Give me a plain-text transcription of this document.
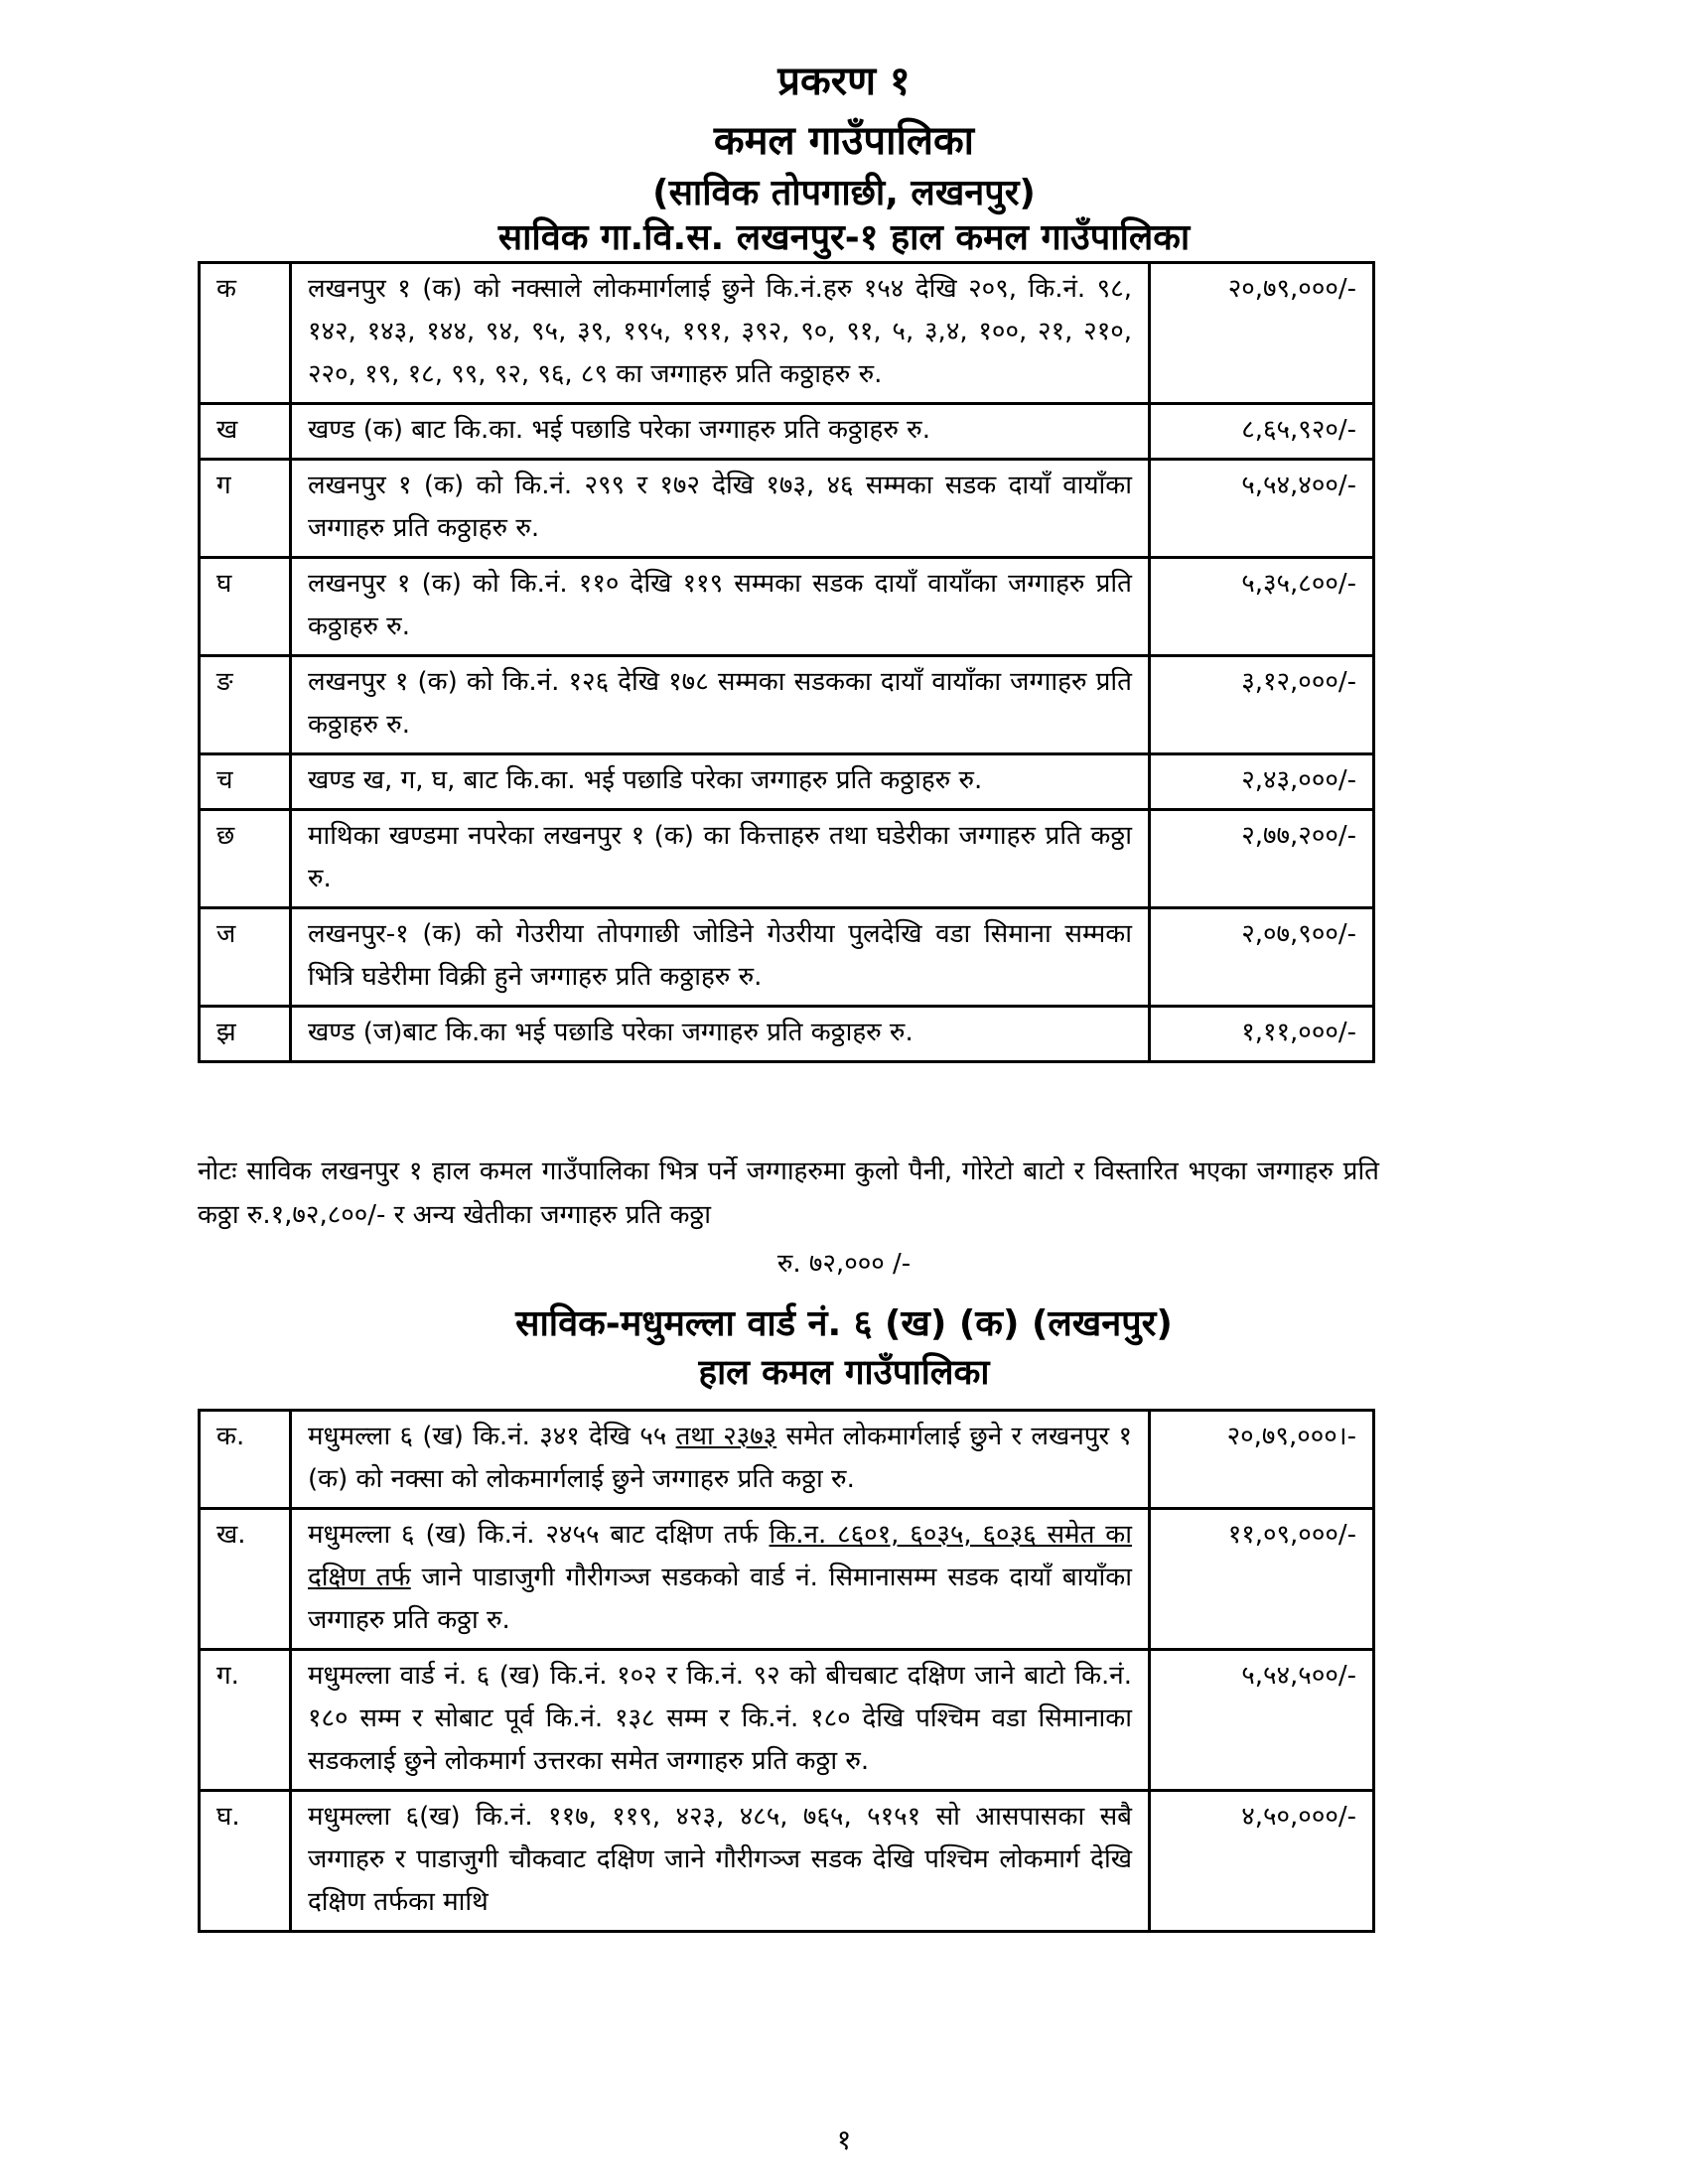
प्रकरण १
कमल गाउँपालिका
(साविक तोपगाछी, लखनपुर)
साविक गा.वि.स. लखनपुर-१ हाल कमल गाउँपालिका
क	लखनपुर १ (क) को नक्साले लोकमार्गलाई छुने कि.नं.हरु १५४ देखि २०९, कि.नं. ९८, १४२, १४३, १४४, ९४, ९५, ३९, १९५, १९१, ३९२, ९०, ९१, ५, ३,४, १००, २१, २१०, २२०, १९, १८, ९९, ९२, ९६, ८९ का जग्गाहरु प्रति कठ्ठाहरु रु.	२०,७९,०००/-
ख	खण्ड (क) बाट कि.का. भई पछाडि परेका जग्गाहरु प्रति कठ्ठाहरु रु.	८,६५,९२०/-
ग	लखनपुर १ (क) को कि.नं. २९९ र १७२ देखि १७३, ४६ सम्मका सडक दायाँ वायाँका जग्गाहरु प्रति कठ्ठाहरु रु.	५,५४,४००/-
घ	लखनपुर १ (क) को कि.नं. ११० देखि ११९ सम्मका सडक दायाँ वायाँका जग्गाहरु प्रति कठ्ठाहरु रु.	५,३५,८००/-
ङ	लखनपुर १ (क) को कि.नं. १२६ देखि १७८ सम्मका सडकका दायाँ वायाँका जग्गाहरु प्रति कठ्ठाहरु रु.	३,१२,०००/-
च	खण्ड ख, ग, घ, बाट कि.का. भई पछाडि परेका जग्गाहरु प्रति कठ्ठाहरु रु.	२,४३,०००/-
छ	माथिका खण्डमा नपरेका लखनपुर १ (क) का कित्ताहरु तथा घडेरीका जग्गाहरु प्रति कठ्ठा रु.	२,७७,२००/-
ज	लखनपुर-१ (क) को गेउरीया तोपगाछी जोडिने गेउरीया पुलदेखि वडा सिमाना सम्मका भित्रि घडेरीमा विक्री हुने जग्गाहरु प्रति कठ्ठाहरु रु.	२,०७,९००/-
झ	खण्ड (ज)बाट कि.का भई पछाडि परेका जग्गाहरु प्रति कठ्ठाहरु रु.	१,११,०००/-
नोटः साविक लखनपुर १ हाल कमल गाउँपालिका भित्र पर्ने जग्गाहरुमा कुलो पैनी, गोरेटो बाटो र विस्तारित भएका जग्गाहरु प्रति कठ्ठा रु.१,७२,८००/- र अन्य खेतीका जग्गाहरु प्रति कठ्ठा
रु. ७२,००० /-
साविक-मधुमल्ला वार्ड नं. ६ (ख) (क) (लखनपुर)
हाल कमल गाउँपालिका
क.	मधुमल्ला ६ (ख) कि.नं. ३४१ देखि ५५ तथा २३७३ समेत लोकमार्गलाई छुने र लखनपुर १ (क) को नक्सा को लोकमार्गलाई छुने जग्गाहरु प्रति कठ्ठा रु.	२०,७९,०००।-
ख.	मधुमल्ला ६ (ख) कि.नं. २४५५ बाट दक्षिण तर्फ कि.न. ८६०१, ६०३५, ६०३६ समेत का दक्षिण तर्फ जाने पाडाजुगी गौरीगञ्ज सडकको वार्ड नं. सिमानासम्म सडक दायाँ बायाँका जग्गाहरु प्रति कठ्ठा रु.	११,०९,०००/-
ग.	मधुमल्ला वार्ड नं. ६ (ख) कि.नं. १०२ र कि.नं. ९२ को बीचबाट दक्षिण जाने बाटो कि.नं. १८० सम्म र सोबाट पूर्व कि.नं. १३८ सम्म र कि.नं. १८० देखि पश्चिम वडा सिमानाका सडकलाई छुने लोकमार्ग उत्तरका समेत जग्गाहरु प्रति कठ्ठा रु.	५,५४,५००/-
घ.	मधुमल्ला ६(ख) कि.नं. ११७, ११९, ४२३, ४८५, ७६५, ५१५१ सो आसपासका सबै जग्गाहरु र पाडाजुगी चौकवाट दक्षिण जाने गौरीगञ्ज सडक देखि पश्चिम लोकमार्ग देखि दक्षिण तर्फका माथि	४,५०,०००/-
१
